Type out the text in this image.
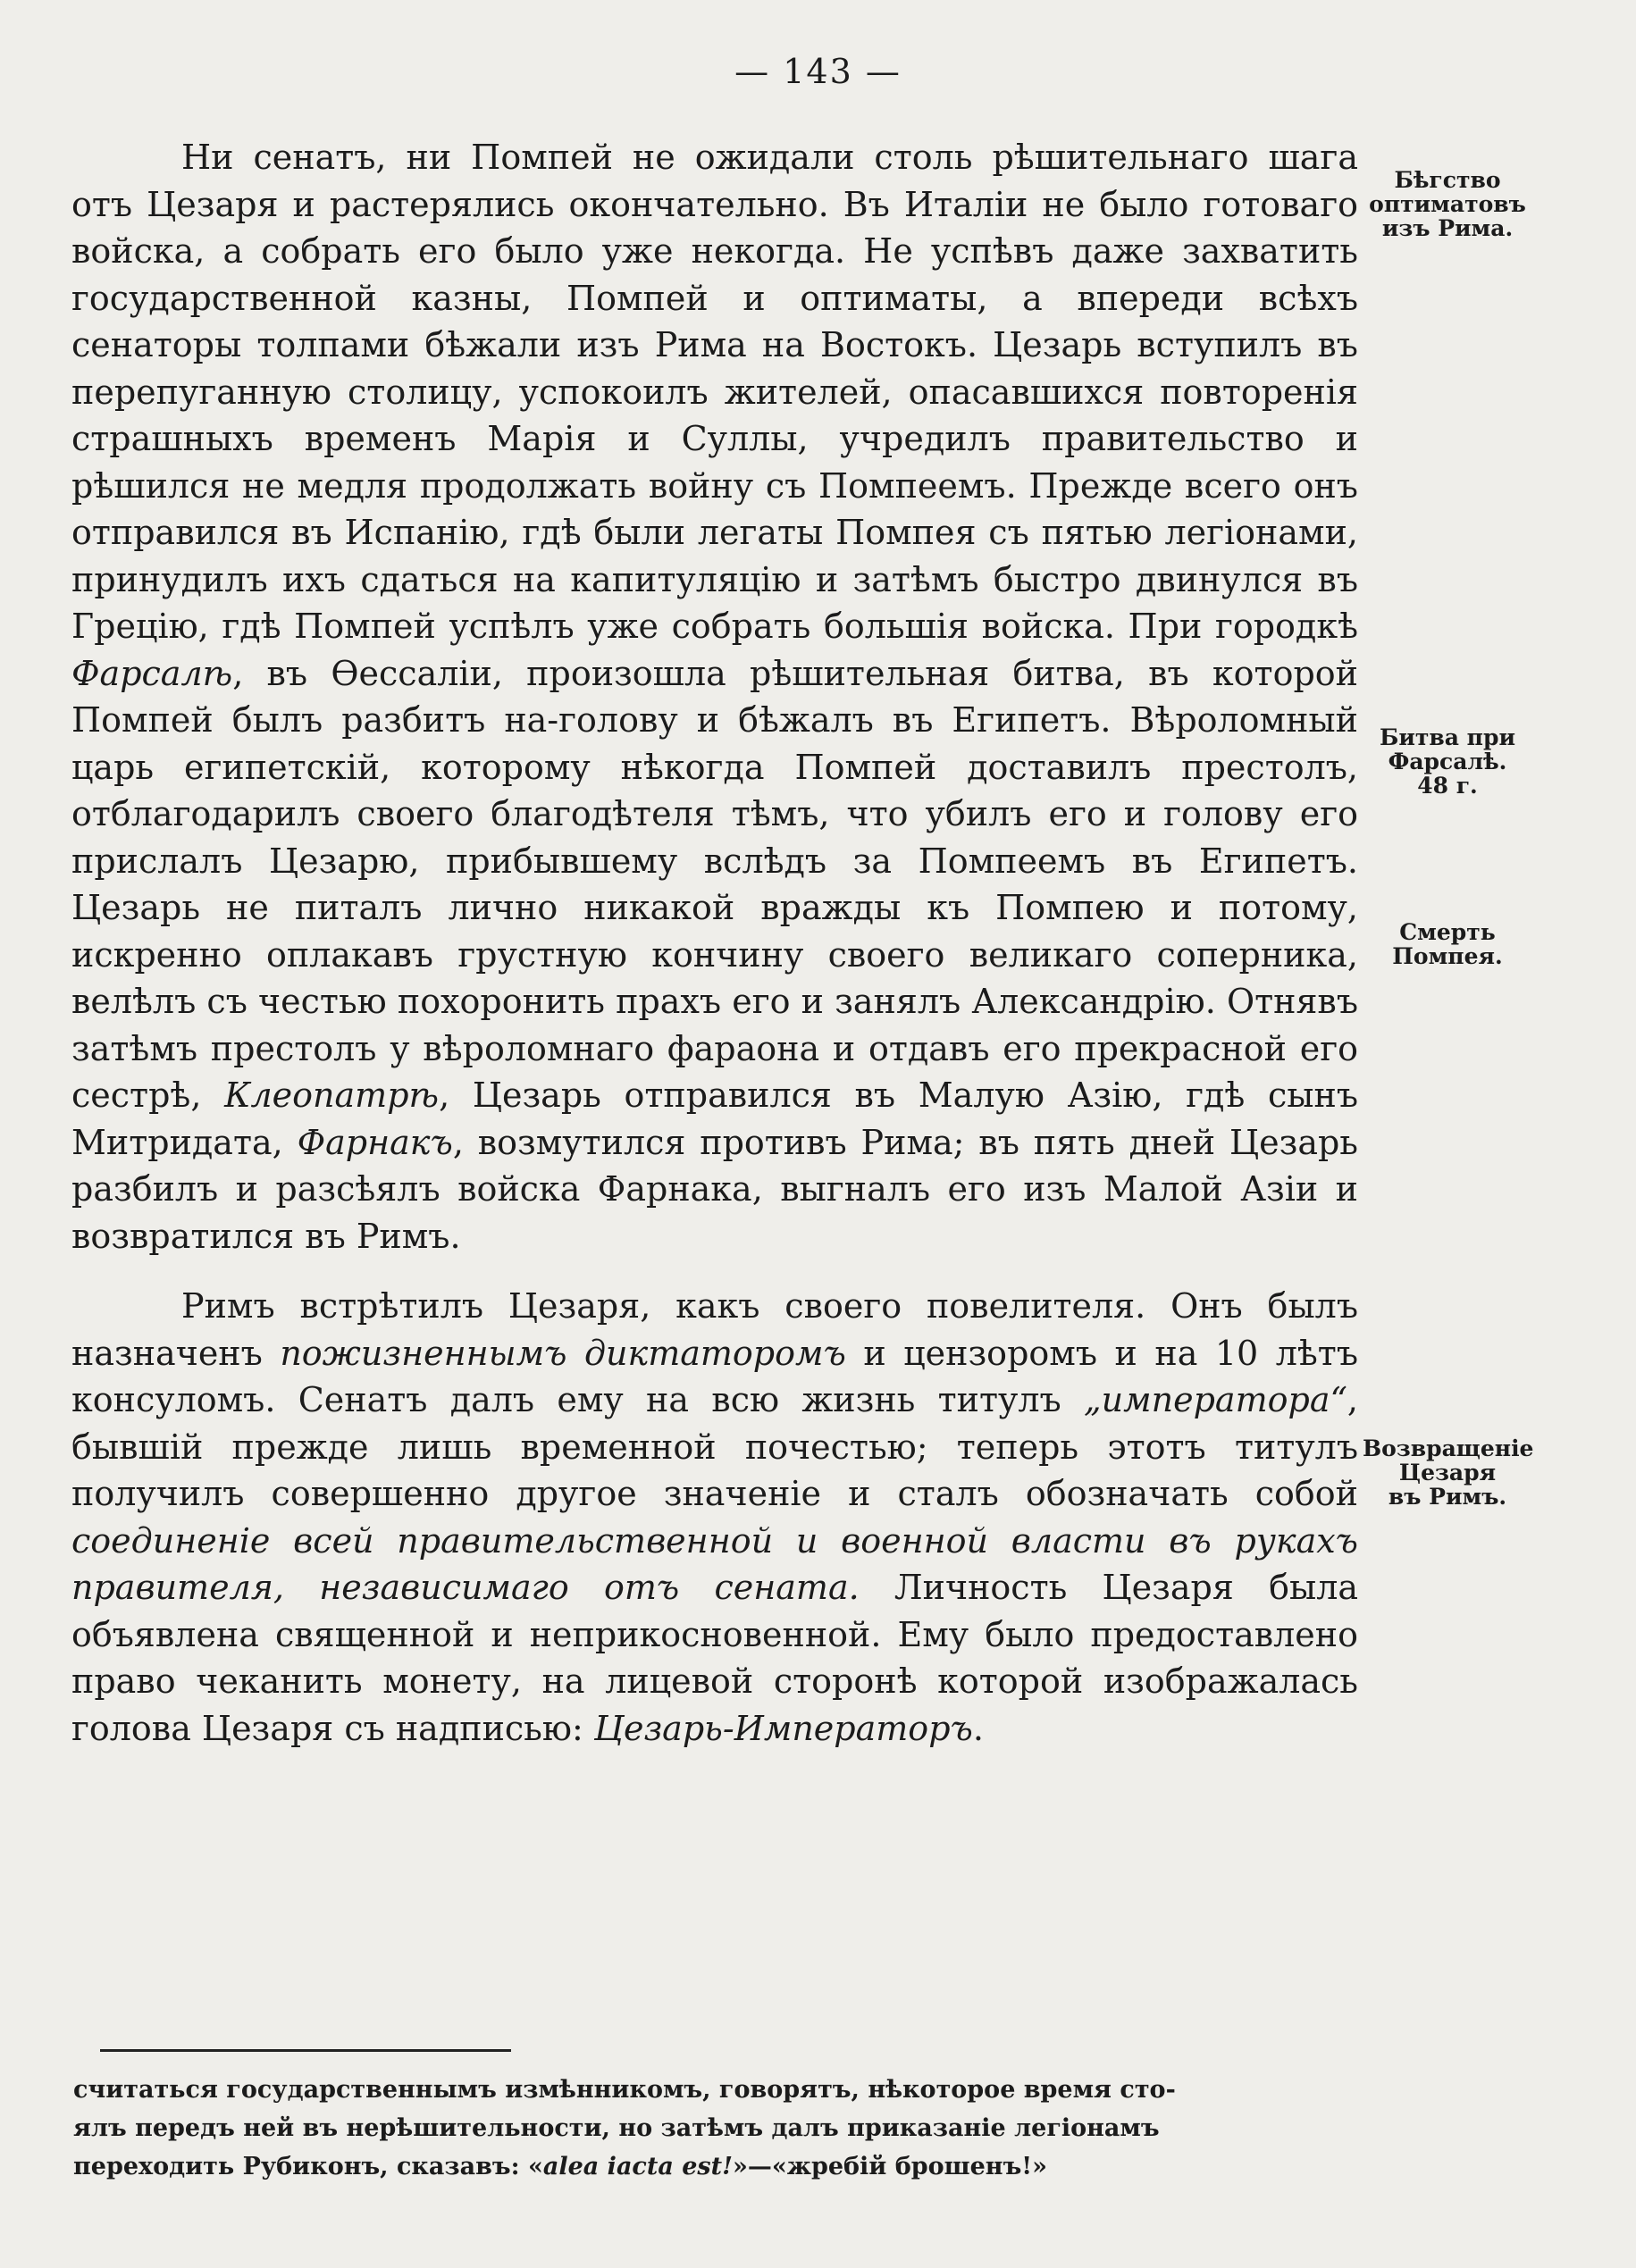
— 143 —

Ни сенатъ, ни Помпей не ожидали столь рѣшительнаго шага отъ Цезаря и растерялись окончательно. Въ Италіи не было готоваго войска, а собрать его было уже некогда. Не успѣвъ даже захватить государственной казны, Помпей и оптиматы, а впереди всѣхъ сенаторы толпами бѣжали изъ Рима на Востокъ. Цезарь вступилъ въ перепуганную столицу, успокоилъ жителей, опасавшихся повторенія страшныхъ временъ Марія и Суллы, учредилъ правительство и рѣшился не медля продолжать войну съ Помпеемъ. Прежде всего онъ отправился въ Испанію, гдѣ были легаты Помпея съ пятью легіонами, принудилъ ихъ сдаться на капитуляцію и затѣмъ быстро двинулся въ Грецію, гдѣ Помпей успѣлъ уже собрать большія войска. При городкѣ Фарсалѣ, въ Ѳессаліи, произошла рѣшительная битва, въ которой Помпей былъ разбитъ на-голову и бѣжалъ въ Египетъ. Вѣроломный царь египетскій, которому нѣкогда Помпей доставилъ престолъ, отблагодарилъ своего благодѣтеля тѣмъ, что убилъ его и голову его прислалъ Цезарю, прибывшему вслѣдъ за Помпеемъ въ Египетъ. Цезарь не питалъ лично никакой вражды къ Помпею и потому, искренно оплакавъ грустную кончину своего великаго соперника, велѣлъ съ честью похоронить прахъ его и занялъ Александрію. Отнявъ затѣмъ престолъ у вѣроломнаго фараона и отдавъ его прекрасной его сестрѣ, Клеопатрѣ, Цезарь отправился въ Малую Азію, гдѣ сынъ Митридата, Фарнакъ, возмутился противъ Рима; въ пять дней Цезарь разбилъ и разсѣялъ войска Фарнака, выгналъ его изъ Малой Азіи и возвратился въ Римъ.

Римъ встрѣтилъ Цезаря, какъ своего повелителя. Онъ былъ назначенъ пожизненнымъ диктаторомъ и цензоромъ и на 10 лѣтъ консуломъ. Сенатъ далъ ему на всю жизнь титулъ „императора“, бывшій прежде лишь временной почестью; теперь этотъ титулъ получилъ совершенно другое значеніе и сталъ обозначать собой соединеніе всей правительственной и военной власти въ рукахъ правителя, независимаго отъ сената. Личность Цезаря была объявлена священной и неприкосновенной. Ему было предоставлено право чеканить монету, на лицевой сторонѣ которой изображалась голова Цезаря съ надписью: Цезарь-Императоръ.

Бѣгство
оптиматовъ
изъ Рима.
Битва при
Фарсалѣ.
48 г.
Смерть
Помпея.
Возвращеніе
Цезаря
въ Римъ.

считаться государственнымъ измѣнникомъ, говорятъ, нѣкоторое время сто-

ялъ передъ ней въ нерѣшительности, но затѣмъ далъ приказаніе легіонамъ

переходить Рубиконъ, сказавъ: «alea iacta est!»—«жребій брошенъ!»
